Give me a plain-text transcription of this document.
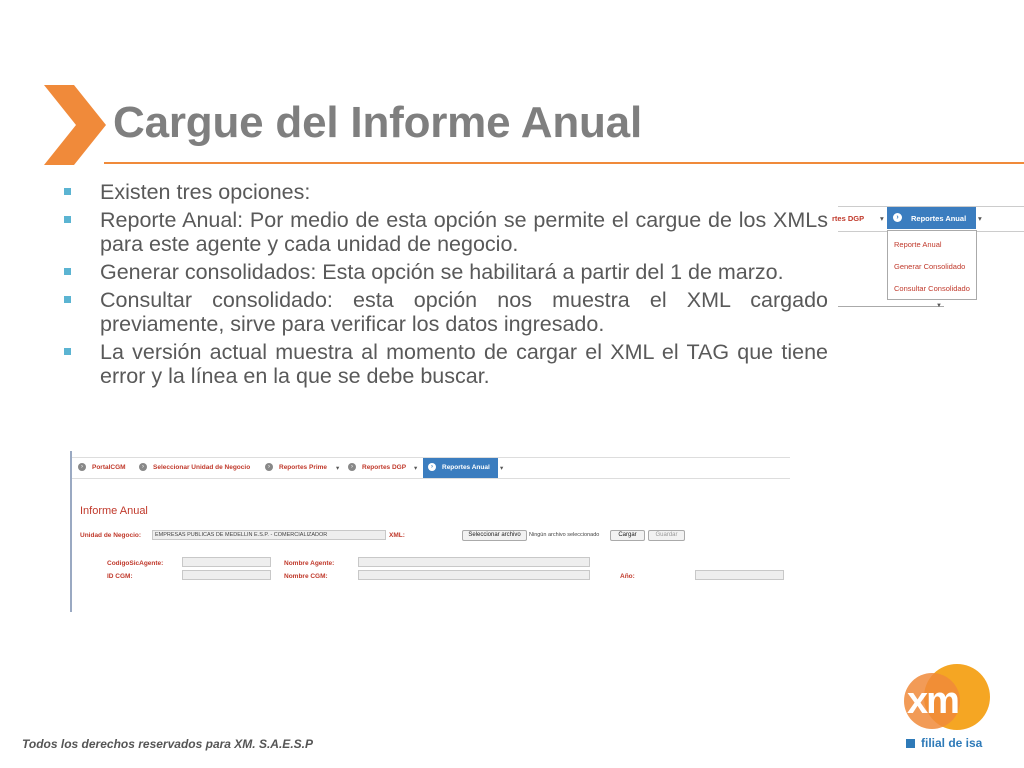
Cargue del Informe Anual
Existen tres opciones:
Reporte Anual: Por medio de esta opción se permite el cargue de los XMLs para este agente y cada unidad de negocio.
Generar consolidados: Esta opción se habilitará a partir del 1 de marzo.
Consultar consolidado: esta opción nos muestra el XML cargado previamente, sirve para verificar los datos ingresado.
La versión actual muestra al momento de cargar el XML el TAG que tiene error y la línea en la que se debe buscar.
rtes DGP ▾	›	Reportes Anual ▾
Reporte Anual
Generar Consolidado
Consultar Consolidado
▼
›	PortalCGM	›	Seleccionar Unidad de Negocio	›	Reportes Prime ▾	›	Reportes DGP ▾	›	Reportes Anual ▾
Informe Anual
Unidad de Negocio:	EMPRESAS PUBLICAS DE MEDELLIN E.S.P. - COMERCIALIZADOR	XML:	Seleccionar archivo	Ningún archivo seleccionado	Cargar	Guardar
CodigoSicAgente:	Nombre Agente:
ID CGM:	Nombre CGM:	Año:
Todos los derechos reservados para XM. S.A.E.S.P
xm
filial de isa
